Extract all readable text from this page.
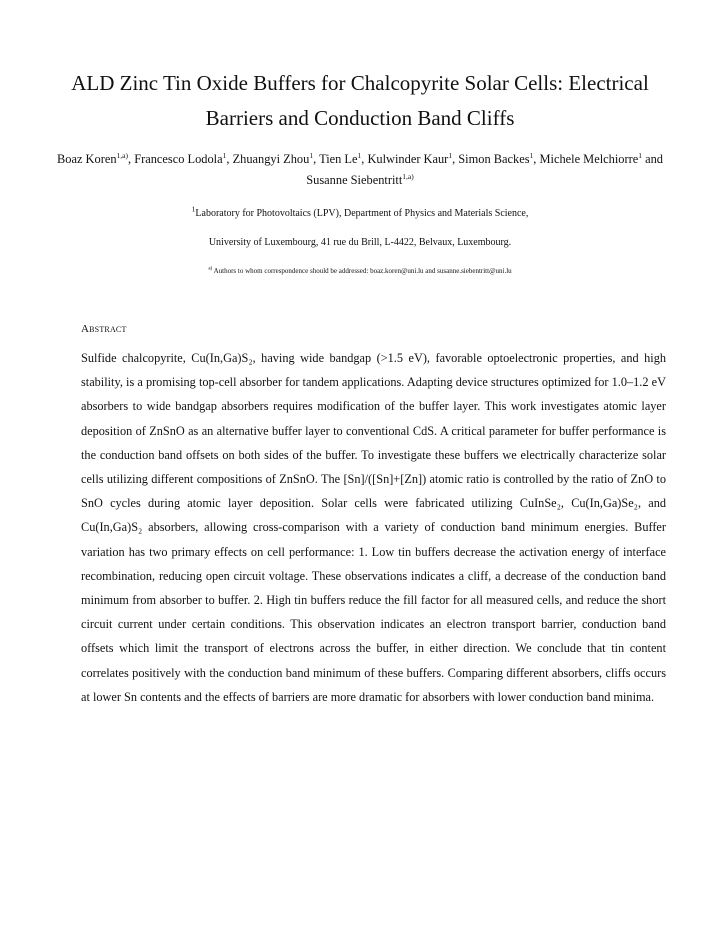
ALD Zinc Tin Oxide Buffers for Chalcopyrite Solar Cells: Electrical
Barriers and Conduction Band Cliffs
Boaz Koren$^{1,a)}$, Francesco Lodola$^1$, Zhuangyi Zhou$^1$, Tien Le$^1$, Kulwinder Kaur$^1$, Simon Backes$^1$, Michele Melchiorre$^1$ and Susanne Siebentritt$^{1,a)}$
$^1$Laboratory for Photovoltaics (LPV), Department of Physics and Materials Science,
University of Luxembourg, 41 rue du Brill, L-4422, Belvaux, Luxembourg.
$^{a)}$ Authors to whom correspondence should be addressed: boaz.koren@uni.lu and susanne.siebentritt@uni.lu
Abstract

Sulfide chalcopyrite, Cu(In,Ga)S₂, having wide bandgap (>1.5 eV), favorable optoelectronic properties, and high stability, is a promising top-cell absorber for tandem applications. Adapting device structures optimized for 1.0–1.2 eV absorbers to wide bandgap absorbers requires modification of the buffer layer. This work investigates atomic layer deposition of ZnSnO as an alternative buffer layer to conventional CdS. A critical parameter for buffer performance is the conduction band offsets on both sides of the buffer. To investigate these buffers we electrically characterize solar cells utilizing different compositions of ZnSnO. The [Sn]/([Sn]+[Zn]) atomic ratio is controlled by the ratio of ZnO to SnO cycles during atomic layer deposition. Solar cells were fabricated utilizing CuInSe₂, Cu(In,Ga)Se₂, and Cu(In,Ga)S₂ absorbers, allowing cross-comparison with a variety of conduction band minimum energies. Buffer variation has two primary effects on cell performance: 1. Low tin buffers decrease the activation energy of interface recombination, reducing open circuit voltage. These observations indicates a cliff, a decrease of the conduction band minimum from absorber to buffer. 2. High tin buffers reduce the fill factor for all measured cells, and reduce the short circuit current under certain conditions. This observation indicates an electron transport barrier, conduction band offsets which limit the transport of electrons across the buffer, in either direction. We conclude that tin content correlates positively with the conduction band minimum of these buffers. Comparing different absorbers, cliffs occurs at lower Sn contents and the effects of barriers are more dramatic for absorbers with lower conduction band minima.
